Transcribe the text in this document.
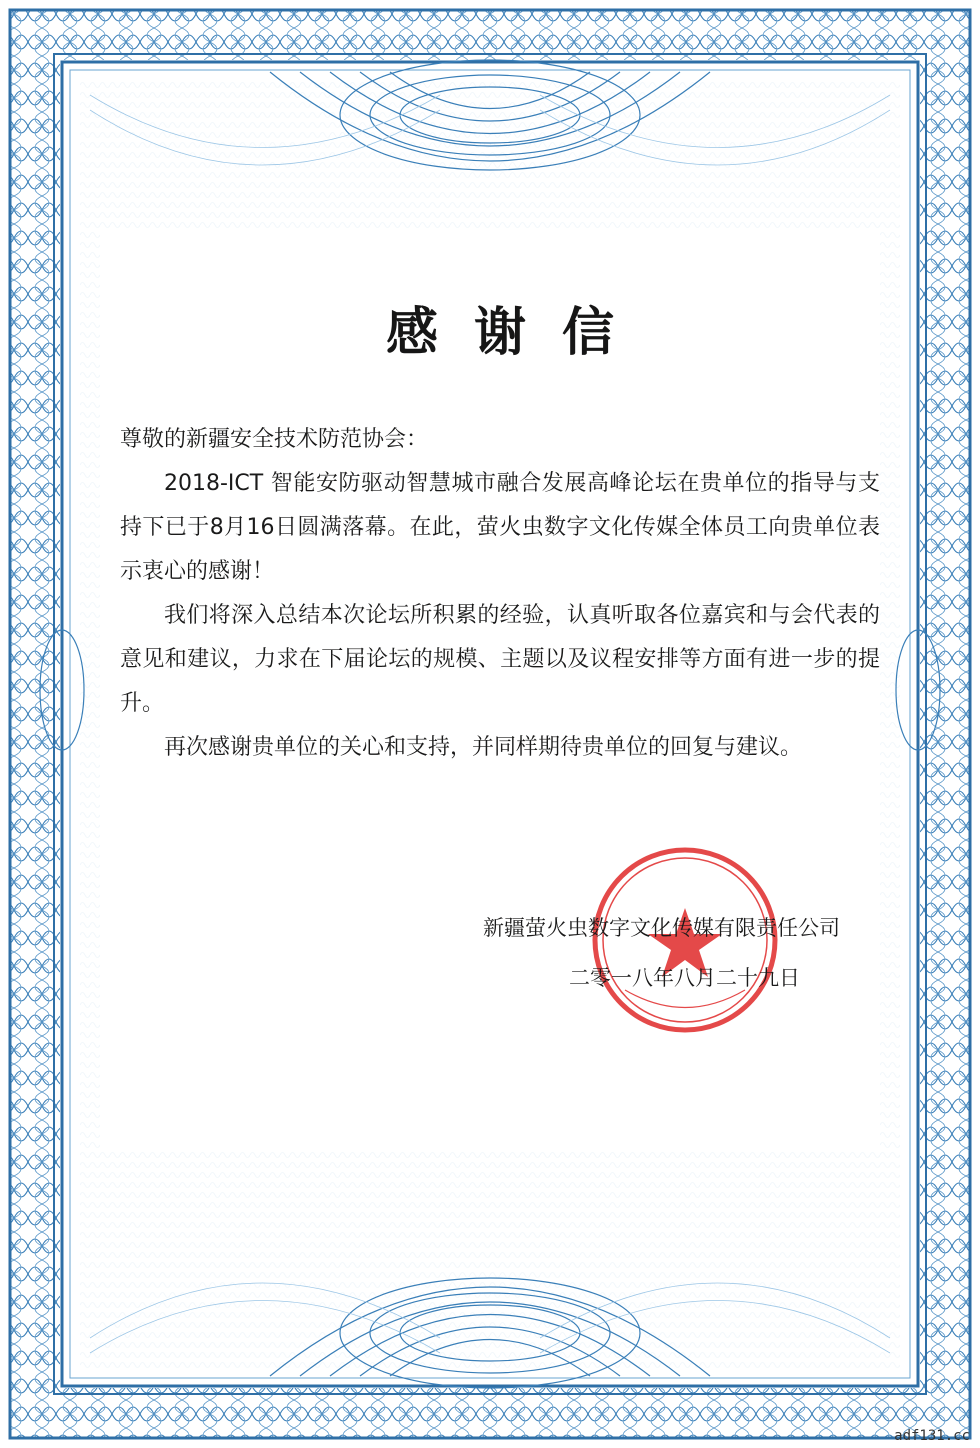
感谢信

尊敬的新疆安全技术防范协会：

2018-ICT 智能安防驱动智慧城市融合发展高峰论坛在贵单位的指导与支持下已于8月16日圆满落幕。在此，萤火虫数字文化传媒全体员工向贵单位表示衷心的感谢！

我们将深入总结本次论坛所积累的经验，认真听取各位嘉宾和与会代表的意见和建议，力求在下届论坛的规模、主题以及议程安排等方面有进一步的提升。

再次感谢贵单位的关心和支持，并同样期待贵单位的回复与建议。

新疆萤火虫数字文化传媒有限责任公司
二零一八年八月二十九日
adf131.cc
